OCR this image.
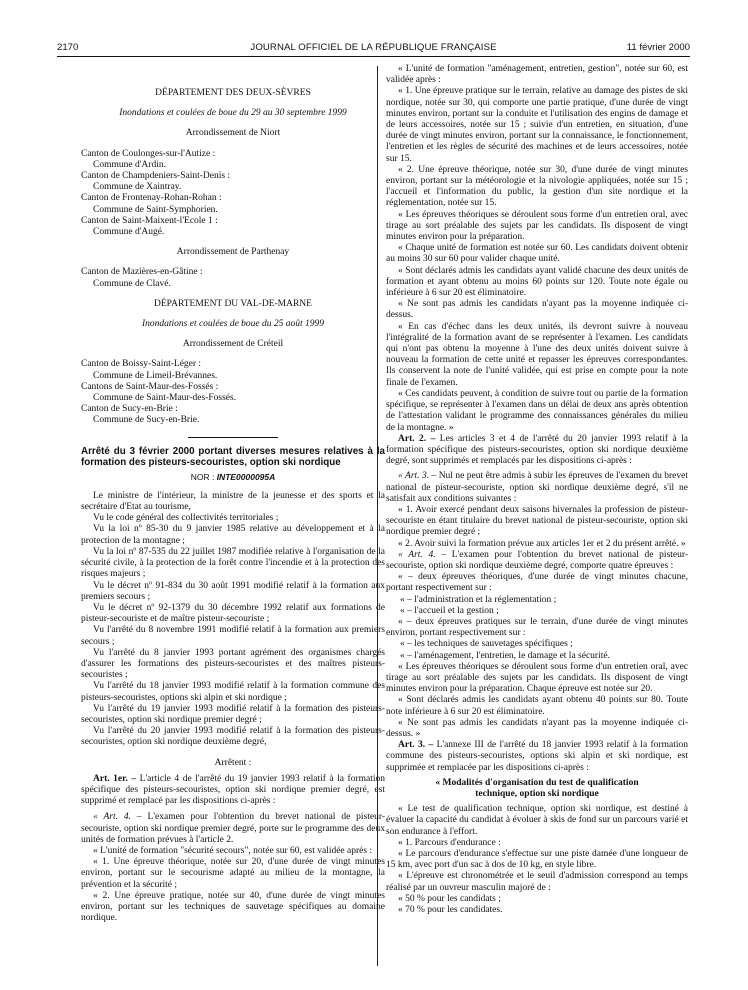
2170	JOURNAL OFFICIEL DE LA RÉPUBLIQUE FRANÇAISE	11 février 2000
DÉPARTEMENT DES DEUX-SÈVRES
Inondations et coulées de boue du 29 au 30 septembre 1999
Arrondissement de Niort
Canton de Coulonges-sur-l'Autize :
Commune d'Ardin.
Canton de Champdeniers-Saint-Denis :
Commune de Xaintray.
Canton de Frontenay-Rohan-Rohan :
Commune de Saint-Symphorien.
Canton de Saint-Maixent-l'Ecole 1 :
Commune d'Augé.
Arrondissement de Parthenay
Canton de Mazières-en-Gâtine :
Commune de Clavé.
DÉPARTEMENT DU VAL-DE-MARNE
Inondations et coulées de boue du 25 août 1999
Arrondissement de Créteil
Canton de Boissy-Saint-Léger :
Commune de Limeil-Brévannes.
Cantons de Saint-Maur-des-Fossés :
Commune de Saint-Maur-des-Fossés.
Canton de Sucy-en-Brie :
Commune de Sucy-en-Brie.
Arrêté du 3 février 2000 portant diverses mesures relatives à la formation des pisteurs-secouristes, option ski nordique
NOR : INTE0000095A

Le ministre de l'intérieur, la ministre de la jeunesse et des sports et la secrétaire d'Etat au tourisme,

Vu le code général des collectivités territoriales ;

Vu la loi nº 85-30 du 9 janvier 1985 relative au développement et à la protection de la montagne ;

Vu la loi nº 87-535 du 22 juillet 1987 modifiée relative à l'organisation de la sécurité civile, à la protection de la forêt contre l'incendie et à la protection des risques majeurs ;

Vu le décret nº 91-834 du 30 août 1991 modifié relatif à la formation aux premiers secours ;

Vu le décret nº 92-1379 du 30 décembre 1992 relatif aux formations de pisteur-secouriste et de maître pisteur-secouriste ;

Vu l'arrêté du 8 novembre 1991 modifié relatif à la formation aux premiers secours ;

Vu l'arrêté du 8 janvier 1993 portant agrément des organismes chargés d'assurer les formations des pisteurs-secouristes et des maîtres pisteurs-secouristes ;

Vu l'arrêté du 18 janvier 1993 modifié relatif à la formation commune des pisteurs-secouristes, options ski alpin et ski nordique ;

Vu l'arrêté du 19 janvier 1993 modifié relatif à la formation des pisteurs-secouristes, option ski nordique premier degré ;

Vu l'arrêté du 20 janvier 1993 modifié relatif à la formation des pisteurs-secouristes, option ski nordique deuxième degré,

Arrêtent :

Art. 1er. – L'article 4 de l'arrêté du 19 janvier 1993 relatif à la formation spécifique des pisteurs-secouristes, option ski nordique premier degré, est supprimé et remplacé par les dispositions ci-après :

« Art. 4. – L'examen pour l'obtention du brevet national de pisteur-secouriste, option ski nordique premier degré, porte sur le programme des deux unités de formation prévues à l'article 2.

« L'unité de formation "sécurité secours", notée sur 60, est validée après :

« 1. Une épreuve théorique, notée sur 20, d'une durée de vingt minutes environ, portant sur le secourisme adapté au milieu de la montagne, la prévention et la sécurité ;

« 2. Une épreuve pratique, notée sur 40, d'une durée de vingt minutes environ, portant sur les techniques de sauvetage spécifiques au domaine nordique.

« L'unité de formation "aménagement, entretien, gestion", notée sur 60, est validée après :

« 1. Une épreuve pratique sur le terrain, relative au damage des pistes de ski nordique, notée sur 30, qui comporte une partie pratique, d'une durée de vingt minutes environ, portant sur la conduite et l'utilisation des engins de damage et de leurs accessoires, notée sur 15 ; suivie d'un entretien, en situation, d'une durée de vingt minutes environ, portant sur la connaissance, le fonctionnement, l'entretien et les règles de sécurité des machines et de leurs accessoires, notée sur 15.

« 2. Une épreuve théorique, notée sur 30, d'une durée de vingt minutes environ, portant sur la météorologie et la nivologie appliquées, notée sur 15 ; l'accueil et l'information du public, la gestion d'un site nordique et la réglementation, notée sur 15.

« Les épreuves théoriques se déroulent sous forme d'un entretien oral, avec tirage au sort préalable des sujets par les candidats. Ils disposent de vingt minutes environ pour la préparation.

« Chaque unité de formation est notée sur 60. Les candidats doivent obtenir au moins 30 sur 60 pour valider chaque unité.

« Sont déclarés admis les candidats ayant validé chacune des deux unités de formation et ayant obtenu au moins 60 points sur 120. Toute note égale ou inférieure à 6 sur 20 est éliminatoire.

« Ne sont pas admis les candidats n'ayant pas la moyenne indiquée ci-dessus.

« En cas d'échec dans les deux unités, ils devront suivre à nouveau l'intégralité de la formation avant de se représenter à l'examen. Les candidats qui n'ont pas obtenu la moyenne à l'une des deux unités doivent suivre à nouveau la formation de cette unité et repasser les épreuves correspondantes. Ils conservent la note de l'unité validée, qui est prise en compte pour la note finale de l'examen.

« Ces candidats peuvent, à condition de suivre tout ou partie de la formation spécifique, se représenter à l'examen dans un délai de deux ans après obtention de l'attestation validant le programme des connaissances générales du milieu de la montagne. »

Art. 2. – Les articles 3 et 4 de l'arrêté du 20 janvier 1993 relatif à la formation spécifique des pisteurs-secouristes, option ski nordique deuxième degré, sont supprimés et remplacés par les dispositions ci-après :

« Art. 3. – Nul ne peut être admis à subir les épreuves de l'examen du brevet national de pisteur-secouriste, option ski nordique deuxième degré, s'il ne satisfait aux conditions suivantes :

« 1. Avoir exercé pendant deux saisons hivernales la profession de pisteur-secouriste en étant titulaire du brevet national de pisteur-secouriste, option ski nordique premier degré ;

« 2. Avoir suivi la formation prévue aux articles 1er et 2 du présent arrêté. »

« Art. 4. – L'examen pour l'obtention du brevet national de pisteur-secouriste, option ski nordique deuxième degré, comporte quatre épreuves :

« – deux épreuves théoriques, d'une durée de vingt minutes chacune, portant respectivement sur :

« – l'administration et la réglementation ;

« – l'accueil et la gestion ;

« – deux épreuves pratiques sur le terrain, d'une durée de vingt minutes environ, portant respectivement sur :

« – les techniques de sauvetages spécifiques ;

« – l'aménagement, l'entretien, le damage et la sécurité.

« Les épreuves théoriques se déroulent sous forme d'un entretien oral, avec tirage au sort préalable des sujets par les candidats. Ils disposent de vingt minutes environ pour la préparation. Chaque épreuve est notée sur 20.

« Sont déclarés admis les candidats ayant obtenu 40 points sur 80. Toute note inférieure à 6 sur 20 est éliminatoire.

« Ne sont pas admis les candidats n'ayant pas la moyenne indiquée ci-dessus. »

Art. 3. – L'annexe III de l'arrêté du 18 janvier 1993 relatif à la formation commune des pisteurs-secouristes, options ski alpin et ski nordique, est supprimée et remplacée par les dispositions ci-après :

« Modalités d'organisation du test de qualification technique, option ski nordique

« Le test de qualification technique, option ski nordique, est destiné à évaluer la capacité du candidat à évoluer à skis de fond sur un parcours varié et son endurance à l'effort.

« 1. Parcours d'endurance :

« Le parcours d'endurance s'effectue sur une piste damée d'une longueur de 15 km, avec port d'un sac à dos de 10 kg, en style libre.

« L'épreuve est chronométrée et le seuil d'admission correspond au temps réalisé par un ouvreur masculin majoré de :

« 50 % pour les candidats ;

« 70 % pour les candidates.
